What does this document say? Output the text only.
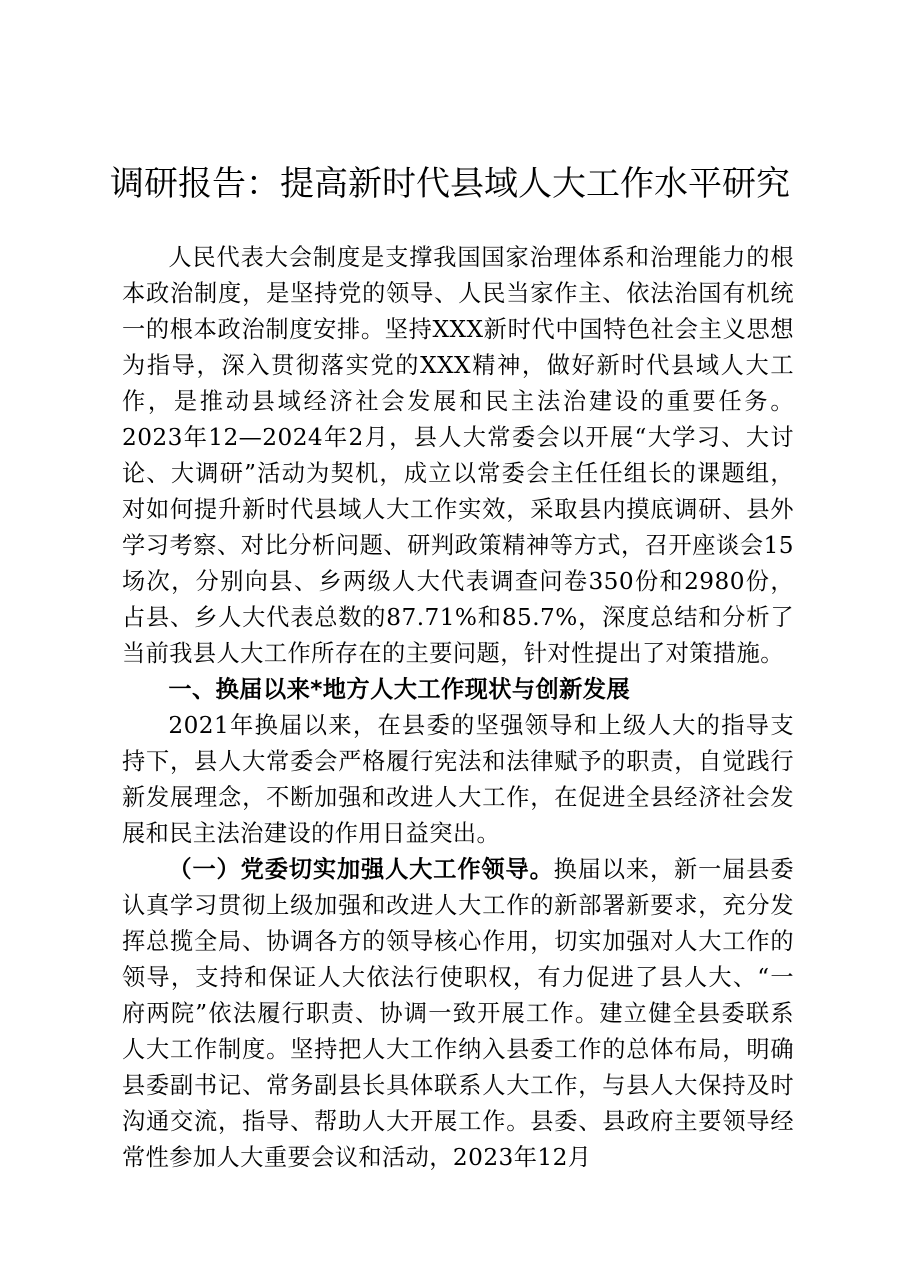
调研报告：提高新时代县域人大工作水平研究

人民代表大会制度是支撑我国国家治理体系和治理能力的根本政治制度，是坚持党的领导、人民当家作主、依法治国有机统一的根本政治制度安排。坚持XXX新时代中国特色社会主义思想为指导，深入贯彻落实党的XXX精神，做好新时代县域人大工作，是推动县域经济社会发展和民主法治建设的重要任务。2023年12—2024年2月，县人大常委会以开展“大学习、大讨论、大调研”活动为契机，成立以常委会主任任组长的课题组，对如何提升新时代县域人大工作实效，采取县内摸底调研、县外学习考察、对比分析问题、研判政策精神等方式，召开座谈会15场次，分别向县、乡两级人大代表调查问卷350份和2980份，占县、乡人大代表总数的87.71%和85.7%，深度总结和分析了当前我县人大工作所存在的主要问题，针对性提出了对策措施。

一、换届以来*地方人大工作现状与创新发展

2021年换届以来，在县委的坚强领导和上级人大的指导支持下，县人大常委会严格履行宪法和法律赋予的职责，自觉践行新发展理念，不断加强和改进人大工作，在促进全县经济社会发展和民主法治建设的作用日益突出。

（一）党委切实加强人大工作领导。换届以来，新一届县委认真学习贯彻上级加强和改进人大工作的新部署新要求，充分发挥总揽全局、协调各方的领导核心作用，切实加强对人大工作的领导，支持和保证人大依法行使职权，有力促进了县人大、“一府两院”依法履行职责、协调一致开展工作。建立健全县委联系人大工作制度。坚持把人大工作纳入县委工作的总体布局，明确县委副书记、常务副县长具体联系人大工作，与县人大保持及时沟通交流，指导、帮助人大开展工作。县委、县政府主要领导经常性参加人大重要会议和活动，2023年12月
